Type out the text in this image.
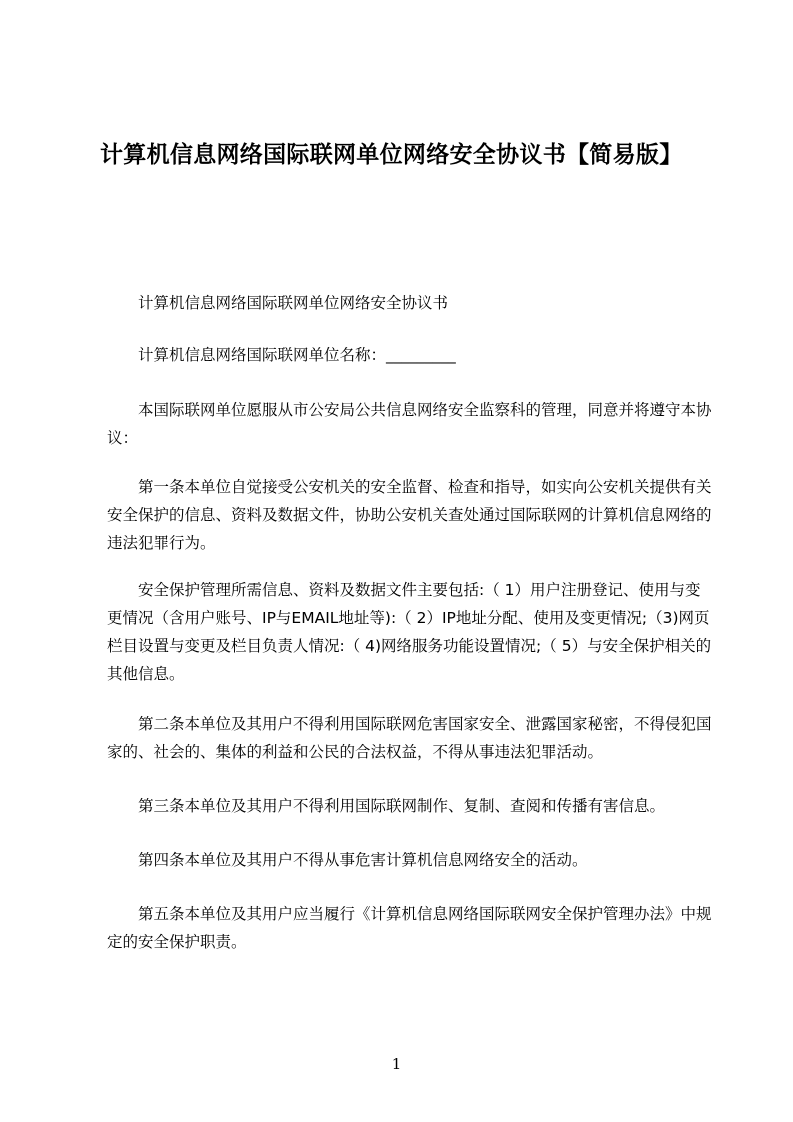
计算机信息网络国际联网单位网络安全协议书【简易版】

计算机信息网络国际联网单位网络安全协议书

计算机信息网络国际联网单位名称：_________

本国际联网单位愿服从市公安局公共信息网络安全监察科的管理，同意并将遵守本协议：

第一条本单位自觉接受公安机关的安全监督、检查和指导，如实向公安机关提供有关安全保护的信息、资料及数据文件，协助公安机关查处通过国际联网的计算机信息网络的违法犯罪行为。

安全保护管理所需信息、资料及数据文件主要包括:（ 1）用户注册登记、使用与变更情况（含用户账号、IP与EMAIL地址等):（ 2）IP地址分配、使用及变更情况;（3)网页栏目设置与变更及栏目负责人情况:（ 4)网络服务功能设置情况;（ 5）与安全保护相关的其他信息。

第二条本单位及其用户不得利用国际联网危害国家安全、泄露国家秘密，不得侵犯国家的、社会的、集体的利益和公民的合法权益，不得从事违法犯罪活动。

第三条本单位及其用户不得利用国际联网制作、复制、查阅和传播有害信息。

第四条本单位及其用户不得从事危害计算机信息网络安全的活动。

第五条本单位及其用户应当履行《计算机信息网络国际联网安全保护管理办法》中规定的安全保护职责。

1
